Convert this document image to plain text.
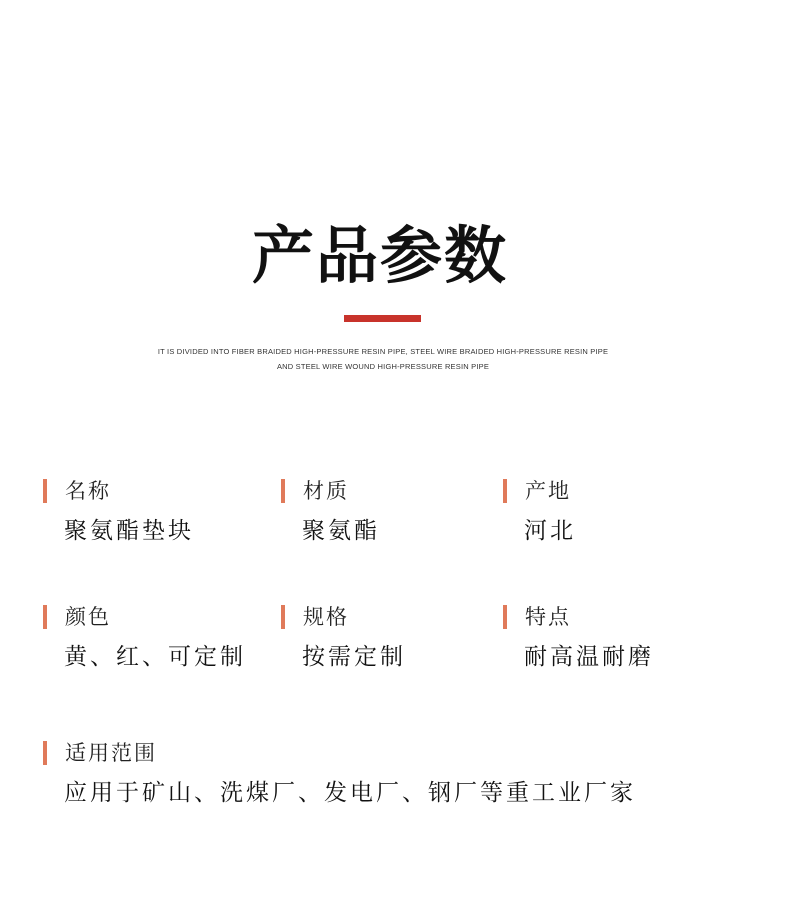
产品参数
IT IS DIVIDED INTO FIBER BRAIDED HIGH-PRESSURE RESIN PIPE, STEEL WIRE BRAIDED HIGH-PRESSURE RESIN PIPE
AND STEEL WIRE WOUND HIGH-PRESSURE RESIN PIPE
名称
聚氨酯垫块
材质
聚氨酯
产地
河北
颜色
黄、红、可定制
规格
按需定制
特点
耐高温耐磨
适用范围
应用于矿山、洗煤厂、发电厂、钢厂等重工业厂家
